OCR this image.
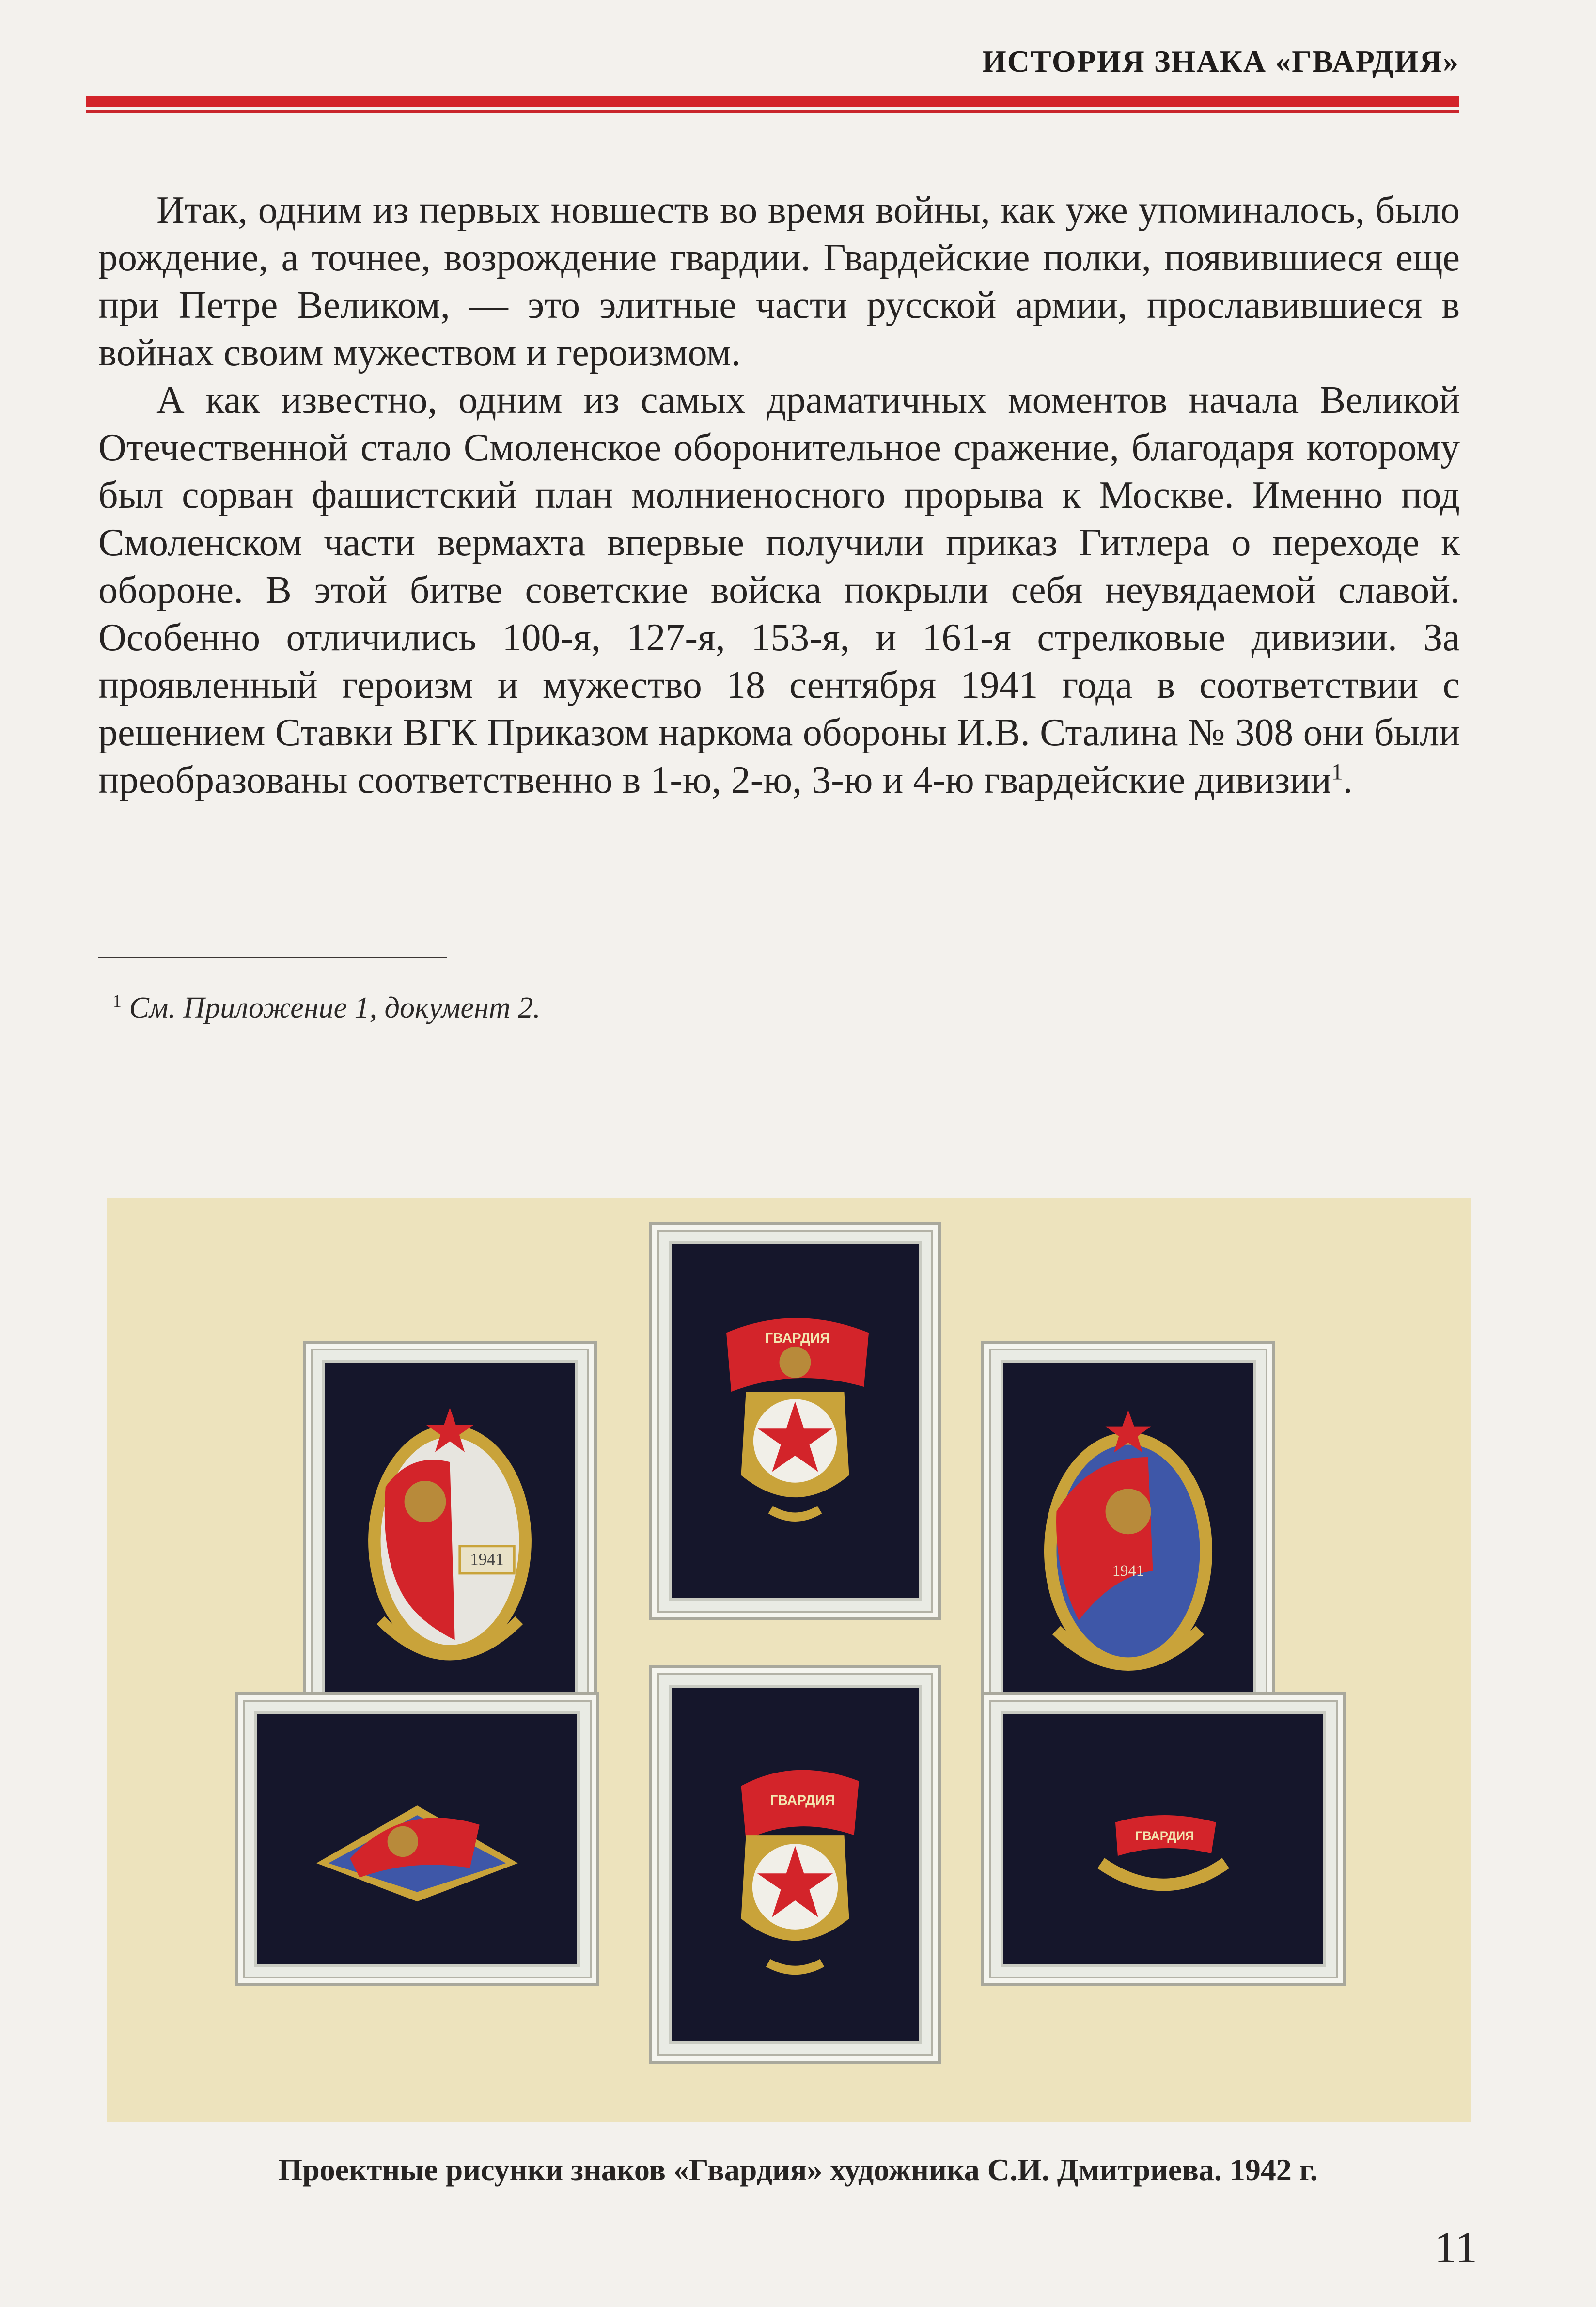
ИСТОРИЯ ЗНАКА «ГВАРДИЯ»

Итак, одним из первых новшеств во время войны, как уже упоминалось, было рождение, а точнее, возрождение гвардии. Гвардейские полки, появившиеся еще при Петре Великом, — это элитные части русской армии, прославившиеся в войнах своим мужеством и героизмом.

А как известно, одним из самых драматичных моментов начала Великой Отечественной стало Смоленское оборонительное сражение, благодаря которому был сорван фашистский план молниеносного прорыва к Москве. Именно под Смоленском части вермахта впервые получили приказ Гитлера о переходе к обороне. В этой битве советские войска покрыли себя неувядаемой славой. Особенно отличились 100-я, 127-я, 153-я, и 161-я стрелковые дивизии. За проявленный героизм и мужество 18 сентября 1941 года в соответствии с решением Ставки ВГК Приказом наркома обороны И.В. Сталина № 308 они были преобразованы соответственно в 1-ю, 2-ю, 3-ю и 4-ю гвардейские дивизии$^1$.

$^1$ См. Приложение 1, документ 2.
1941
ГВАРДИЯ
1941
ГВАРДИЯ
ГВАРДИЯ
Проектные рисунки знаков «Гвардия» художника С.И. Дмитриева. 1942 г.
11
